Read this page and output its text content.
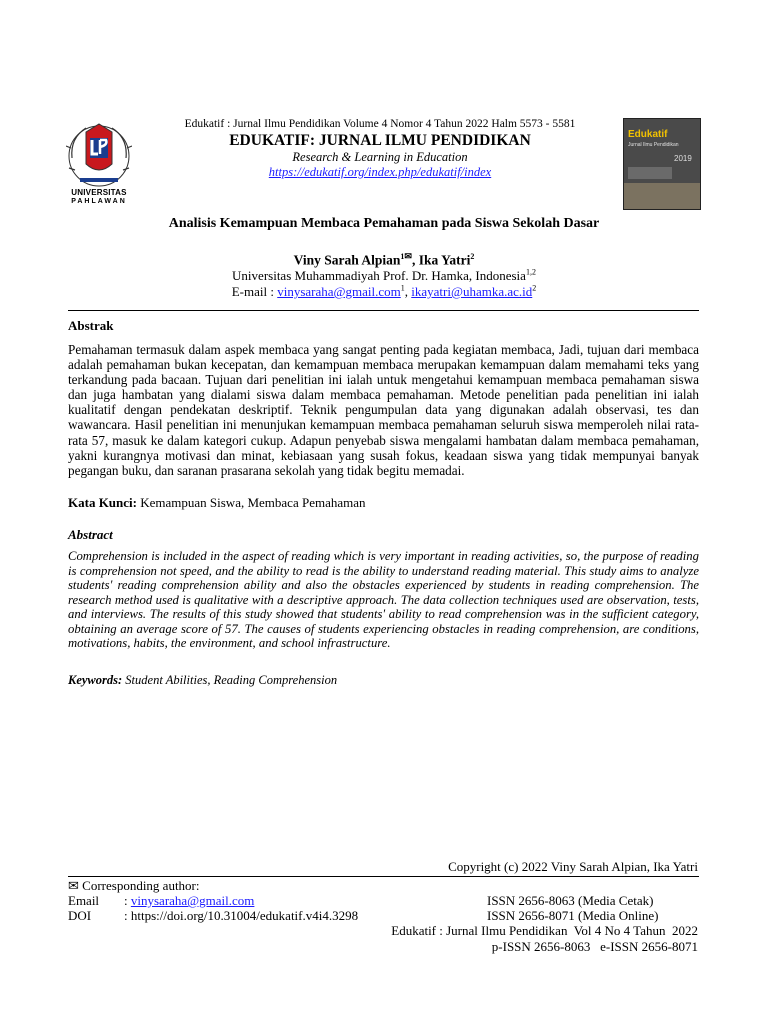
UNIVERSITAS
PAHLAWAN
Edukatif : Jurnal Ilmu Pendidikan Volume 4 Nomor 4 Tahun 2022 Halm 5573 - 5581
EDUKATIF: JURNAL ILMU PENDIDIKAN
Research & Learning in Education
https://edukatif.org/index.php/edukatif/index
Edukatif
Jurnal Ilmu Pendidikan
2019
Analisis Kemampuan Membaca Pemahaman pada Siswa Sekolah Dasar
Viny Sarah Alpian$^{1✉}$, Ika Yatri$^2$
Universitas Muhammadiyah Prof. Dr. Hamka, Indonesia$^{1,2}$
E-mail : vinysaraha@gmail.com$^1$, $ikayatri@uhamka.ac.id^2$
Abstrak
Pemahaman termasuk dalam aspek membaca yang sangat penting pada kegiatan membaca, Jadi, tujuan dari membaca adalah pemahaman bukan kecepatan, dan kemampuan membaca merupakan kemampuan dalam memahami teks yang terkandung pada bacaan. Tujuan dari penelitian ini ialah untuk mengetahui kemampuan membaca pemahaman siswa dan juga hambatan yang dialami siswa dalam membaca pemahaman. Metode penelitian pada penelitian ini ialah kualitatif dengan pendekatan deskriptif. Teknik pengumpulan data yang digunakan adalah observasi, tes dan wawancara. Hasil penelitian ini menunjukan kemampuan membaca pemahaman seluruh siswa memperoleh nilai rata-rata 57, masuk ke dalam kategori cukup. Adapun penyebab siswa mengalami hambatan dalam membaca pemahaman, yakni kurangnya motivasi dan minat, kebiasaan yang susah fokus, keadaan siswa yang tidak mempunyai banyak pegangan buku, dan saranan prasarana sekolah yang tidak begitu memadai.
Kata Kunci: Kemampuan Siswa, Membaca Pemahaman
Abstract
Comprehension is included in the aspect of reading which is very important in reading activities, so, the purpose of reading is comprehension not speed, and the ability to read is the ability to understand reading material. This study aims to analyze students' reading comprehension ability and also the obstacles experienced by students in reading comprehension. The research method used is qualitative with a descriptive approach. The data collection techniques used are observation, tests, and interviews. The results of this study showed that students' ability to read comprehension was in the sufficient category, obtaining an average score of 57. The causes of students experiencing obstacles in reading comprehension, are conditions, motivations, habits, the environment, and school infrastructure.
Keywords: Student Abilities, Reading Comprehension
Copyright (c) 2022 Viny Sarah Alpian, Ika Yatri
✉ Corresponding author:
Email : vinysaraha@gmail.com
DOI	: https://doi.org/10.31004/edukatif.v4i4.3298
ISSN 2656-8063 (Media Cetak)
ISSN 2656-8071 (Media Online)
Edukatif : Jurnal Ilmu Pendidikan  Vol 4 No 4 Tahun  2022
p-ISSN 2656-8063   e-ISSN 2656-8071
